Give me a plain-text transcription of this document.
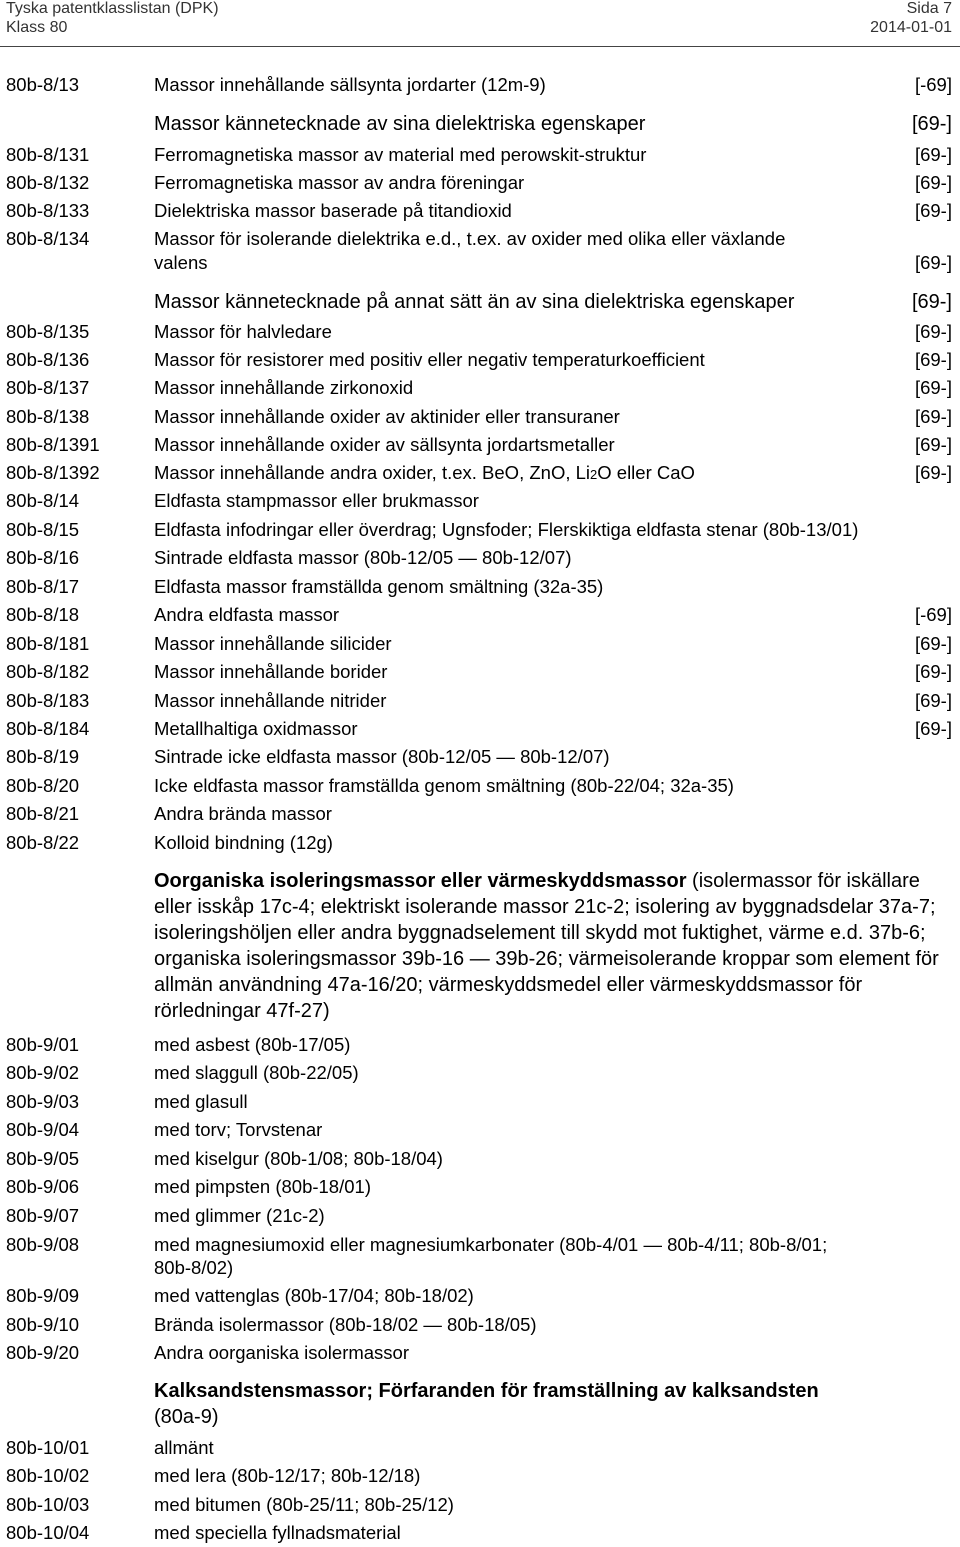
Tyska patentklasslistan (DPK)
Klass 80
Sida 7
2014-01-01
80b-8/13	Massor innehållande sällsynta jordarter (12m-9)	[-69]
Massor kännetecknade av sina dielektriska egenskaper	[69-]
80b-8/131	Ferromagnetiska massor av material med perowskit-struktur	[69-]
80b-8/132	Ferromagnetiska massor av andra föreningar	[69-]
80b-8/133	Dielektriska massor baserade på titandioxid	[69-]
80b-8/134	Massor för isolerande dielektrika e.d., t.ex. av oxider med olika eller växlande
valens	[69-]
Massor kännetecknade på annat sätt än av sina dielektriska egenskaper	[69-]
80b-8/135	Massor för halvledare	[69-]
80b-8/136	Massor för resistorer med positiv eller negativ temperaturkoefficient	[69-]
80b-8/137	Massor innehållande zirkonoxid	[69-]
80b-8/138	Massor innehållande oxider av aktinider eller transuraner	[69-]
80b-8/1391	Massor innehållande oxider av sällsynta jordartsmetaller	[69-]
80b-8/1392	Massor innehållande andra oxider, t.ex. BeO, ZnO, Li2O eller CaO	[69-]
80b-8/14	Eldfasta stampmassor eller brukmassor
80b-8/15	Eldfasta infodringar eller överdrag; Ugnsfoder; Flerskiktiga eldfasta stenar (80b-13/01)
80b-8/16	Sintrade eldfasta massor (80b-12/05 — 80b-12/07)
80b-8/17	Eldfasta massor framställda genom smältning (32a-35)
80b-8/18	Andra eldfasta massor	[-69]
80b-8/181	Massor innehållande silicider	[69-]
80b-8/182	Massor innehållande borider	[69-]
80b-8/183	Massor innehållande nitrider	[69-]
80b-8/184	Metallhaltiga oxidmassor	[69-]
80b-8/19	Sintrade icke eldfasta massor (80b-12/05 — 80b-12/07)
80b-8/20	Icke eldfasta massor framställda genom smältning (80b-22/04; 32a-35)
80b-8/21	Andra brända massor
80b-8/22	Kolloid bindning (12g)
Oorganiska isoleringsmassor eller värmeskyddsmassor (isolermassor för iskällare eller isskåp 17c-4; elektriskt isolerande massor 21c-2; isolering av byggnadsdelar 37a-7; isoleringshöljen eller andra byggnadselement till skydd mot fuktighet, värme e.d. 37b-6; organiska isoleringsmassor 39b-16 — 39b-26; värmeisolerande kroppar som element för allmän användning 47a-16/20; värmeskyddsmedel eller värmeskyddsmassor för rörledningar 47f-27)
80b-9/01	med asbest (80b-17/05)
80b-9/02	med slaggull (80b-22/05)
80b-9/03	med glasull
80b-9/04	med torv; Torvstenar
80b-9/05	med kiselgur (80b-1/08; 80b-18/04)
80b-9/06	med pimpsten (80b-18/01)
80b-9/07	med glimmer (21c-2)
80b-9/08	med magnesiumoxid eller magnesiumkarbonater (80b-4/01 — 80b-4/11; 80b-8/01;
80b-8/02)
80b-9/09	med vattenglas (80b-17/04; 80b-18/02)
80b-9/10	Brända isolermassor (80b-18/02 — 80b-18/05)
80b-9/20	Andra oorganiska isolermassor
Kalksandstensmassor; Förfaranden för framställning av kalksandsten
(80a-9)
80b-10/01	allmänt
80b-10/02	med lera (80b-12/17; 80b-12/18)
80b-10/03	med bitumen (80b-25/11; 80b-25/12)
80b-10/04	med speciella fyllnadsmaterial
